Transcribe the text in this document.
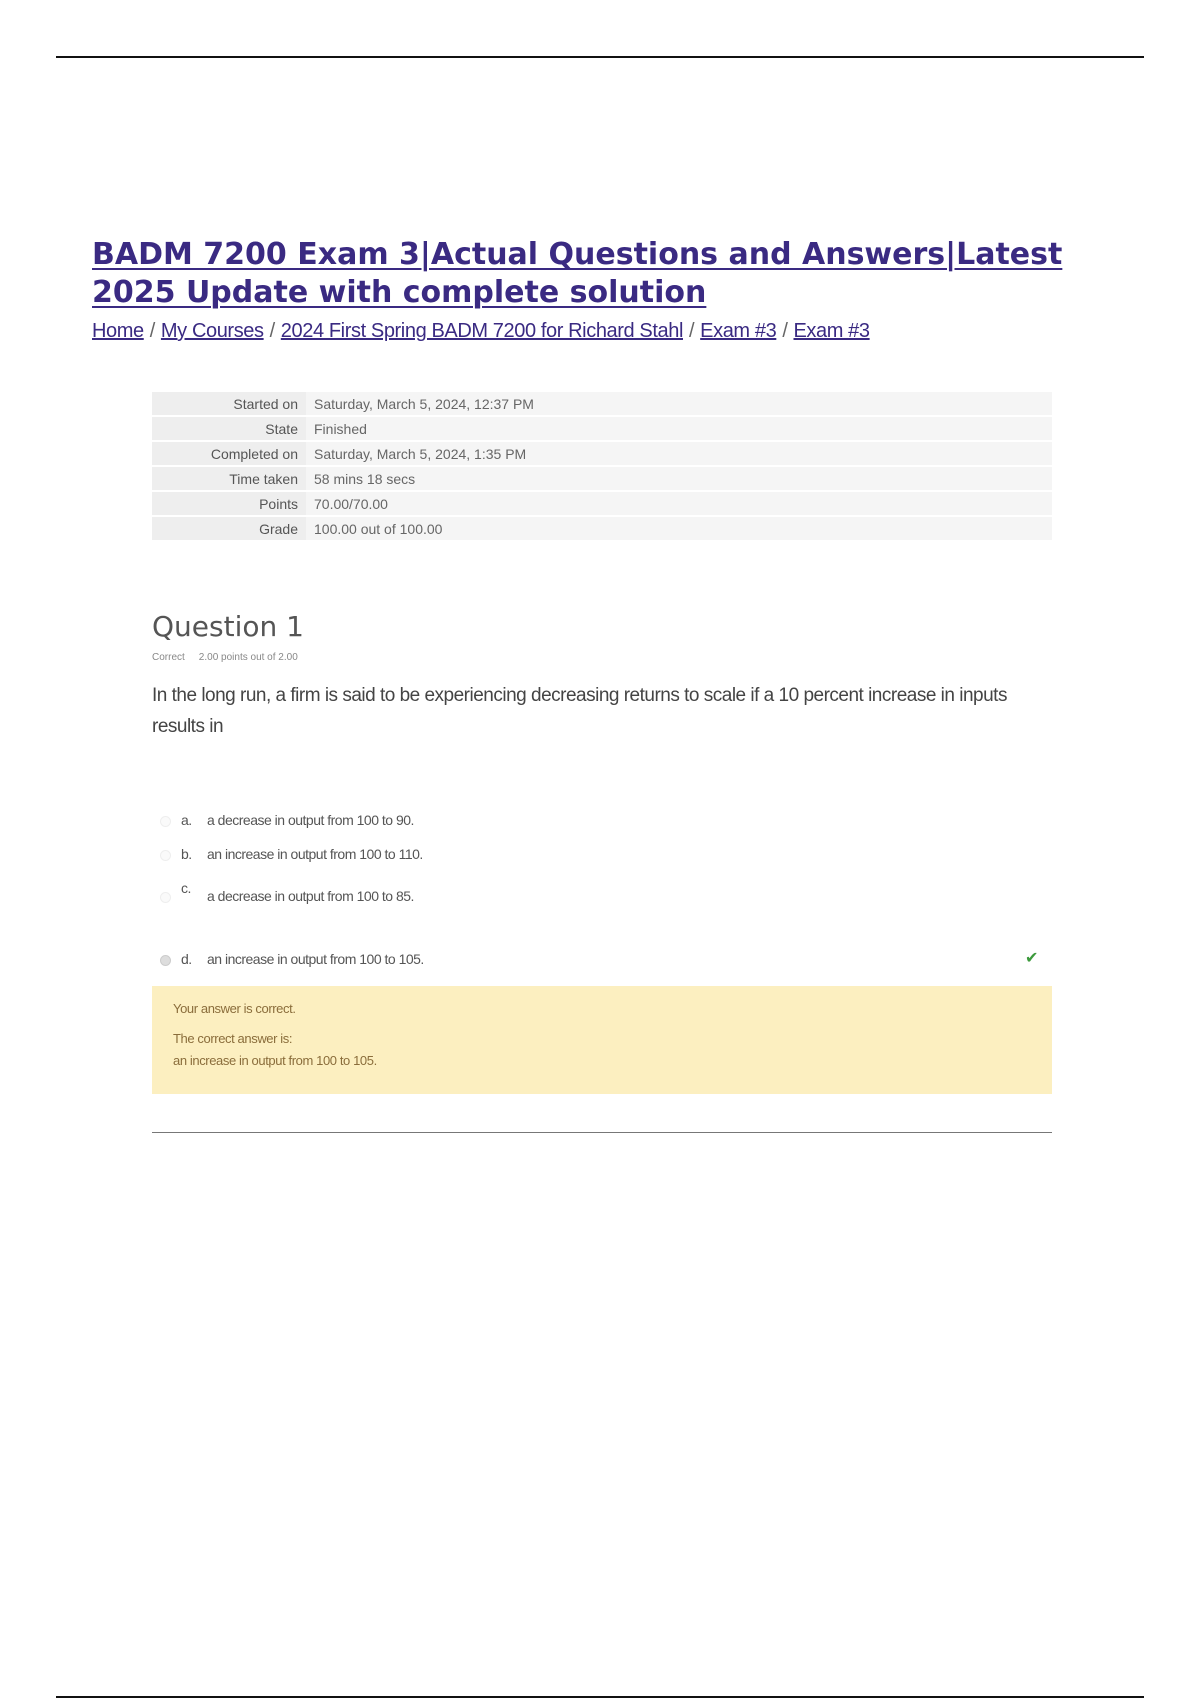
BADM 7200 Exam 3|Actual Questions and Answers|Latest 2025 Update with complete solution
Home / My Courses / 2024 First Spring BADM 7200 for Richard Stahl / Exam #3 / Exam #3
Started on	Saturday, March 5, 2024, 12:37 PM
State	Finished
Completed on	Saturday, March 5, 2024, 1:35 PM
Time taken	58 mins 18 secs
Points	70.00/70.00
Grade	100.00 out of 100.00
Question 1
Correct 2.00 points out of 2.00

In the long run, a firm is said to be experiencing decreasing returns to scale if a 10 percent increase in inputs results in

a. a decrease in output from 100 to 90.
b. an increase in output from 100 to 110.
c. a decrease in output from 100 to 85.
d. an increase in output from 100 to 105.	✔
Your answer is correct.
The correct answer is:
an increase in output from 100 to 105.
